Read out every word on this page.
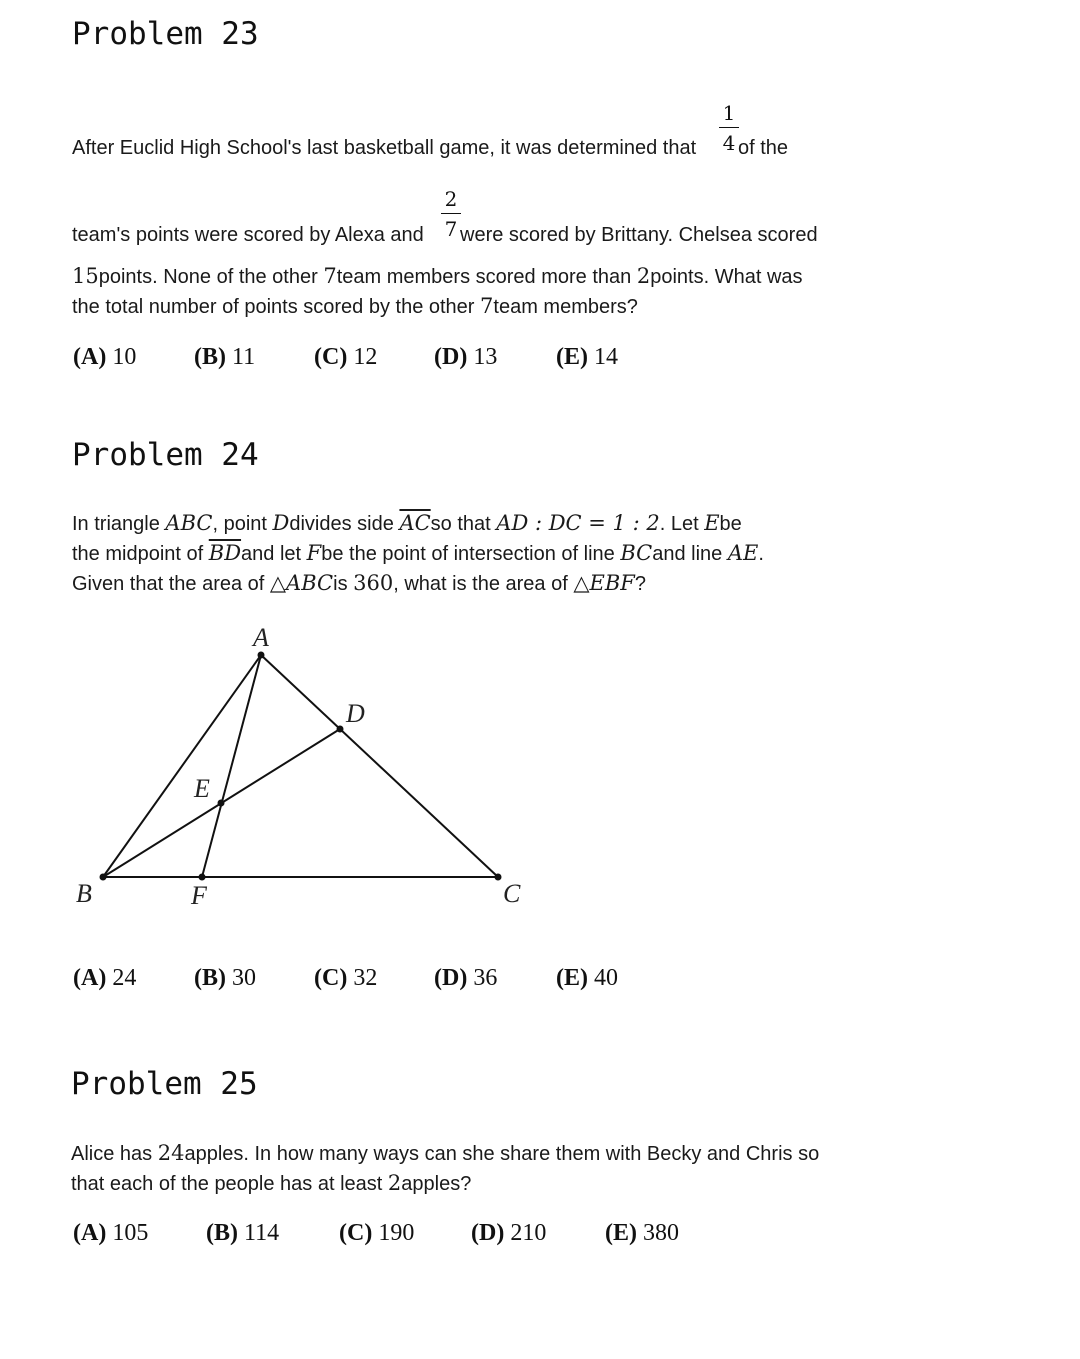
Problem 23
After Euclid High School's last basketball game, it was determined that $\frac{1}{4}$ of the
team's points were scored by Alexa and $\frac{2}{7}$ were scored by Brittany. Chelsea scored
15points. None of the other 7team members scored more than 2points. What was
the total number of points scored by the other 7team members?
(A) 10 (B) 11 (C) 12 (D) 13 (E) 14
Problem 24
In triangle ABC, point Ddivides side $\overline{AC}so$ that AD : DC = 1 : 2. Let Ebe
the midpoint of $\overline{BD}and$ let Fbe the point of intersection of line BCand line AE.
Given that the area of △ABCis 360, what is the area of △EBF?
A
B	C
D
E
F
(A) 24 (B) 30 (C) 32 (D) 36 (E) 40
Problem 25
Alice has 24apples. In how many ways can she share them with Becky and Chris so
that each of the people has at least 2apples?
(A) 105 (B) 114 (C) 190 (D) 210 (E) 380
